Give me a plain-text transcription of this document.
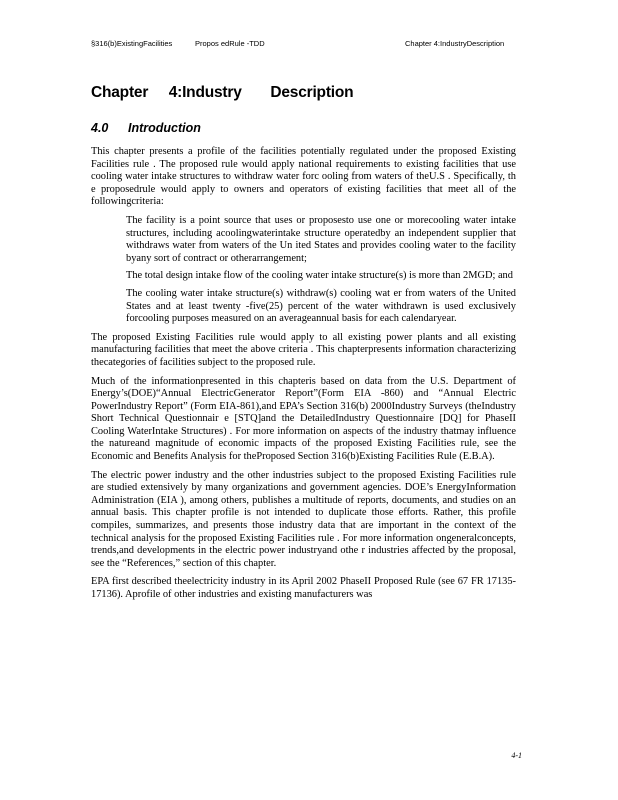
§316(b)ExistingFacilities	Propos edRule -TDD	Chapter 4:IndustryDescription
Chapter     4:Industry       Description
4.0 Introduction

This chapter presents a profile of the facilities potentially regulated under the proposed Existing Facilities rule . The proposed rule would apply national requirements to existing facilities that use cooling water intake structures to withdraw water forc ooling from waters of theU.S . Specifically, th e proposedrule would apply to owners and operators of existing facilities that meet all of the followingcriteria:

The facility is a point source that uses or proposesto use one or morecooling water intake structures, including acoolingwaterintake structure operatedby an independent supplier that withdraws water from waters of the Un ited States and provides cooling water to the facility byany sort of contract or otherarrangement;
The total design intake flow of the cooling water intake structure(s) is more than 2MGD; and
The cooling water intake structure(s) withdraw(s) cooling wat er from waters of the United States and at least twenty -five(25) percent of the water withdrawn is used exclusively forcooling purposes measured on an averageannual basis for each calendaryear.

The proposed Existing Facilities rule would apply to all existing power plants and all existing manufacturing facilities that meet the above criteria . This chapterpresents information characterizing thecategories of facilities subject to the proposed rule.

Much of the informationpresented in this chapteris based on data from the U.S. Department of Energy’s(DOE)“Annual ElectricGenerator Report”(Form EIA -860) and “Annual Electric PowerIndustry Report” (Form EIA-861),and EPA’s Section 316(b) 2000Industry Surveys (theIndustry Short Technical Questionnair e [STQ]and the DetailedIndustry Questionnaire [DQ] for PhaseII Cooling WaterIntake Structures) . For more information on aspects of the industry thatmay influence the natureand magnitude of economic impacts of the proposed Existing Facilities rule, see the Economic and Benefits Analysis for theProposed Section 316(b)Existing Facilities Rule (E.B.A).

The electric power industry and the other industries subject to the proposed Existing Facilities rule are studied extensively by many organizations and government agencies. DOE’s EnergyInformation Administration (EIA ), among others, publishes a multitude of reports, documents, and studies on an annual basis. This chapter profile is not intended to duplicate those efforts. Rather, this profile compiles, summarizes, and presents those industry data that are important in the context of the technical analysis for the proposed Existing Facilities rule . For more information ongeneralconcepts, trends,and developments in the electric power industryand othe r industries affected by the proposal, see the “References,” section of this chapter.

EPA first described theelectricity industry in its April 2002 PhaseII Proposed Rule (see 67 FR 17135-17136). Aprofile of other industries and existing manufacturers was

4-1
